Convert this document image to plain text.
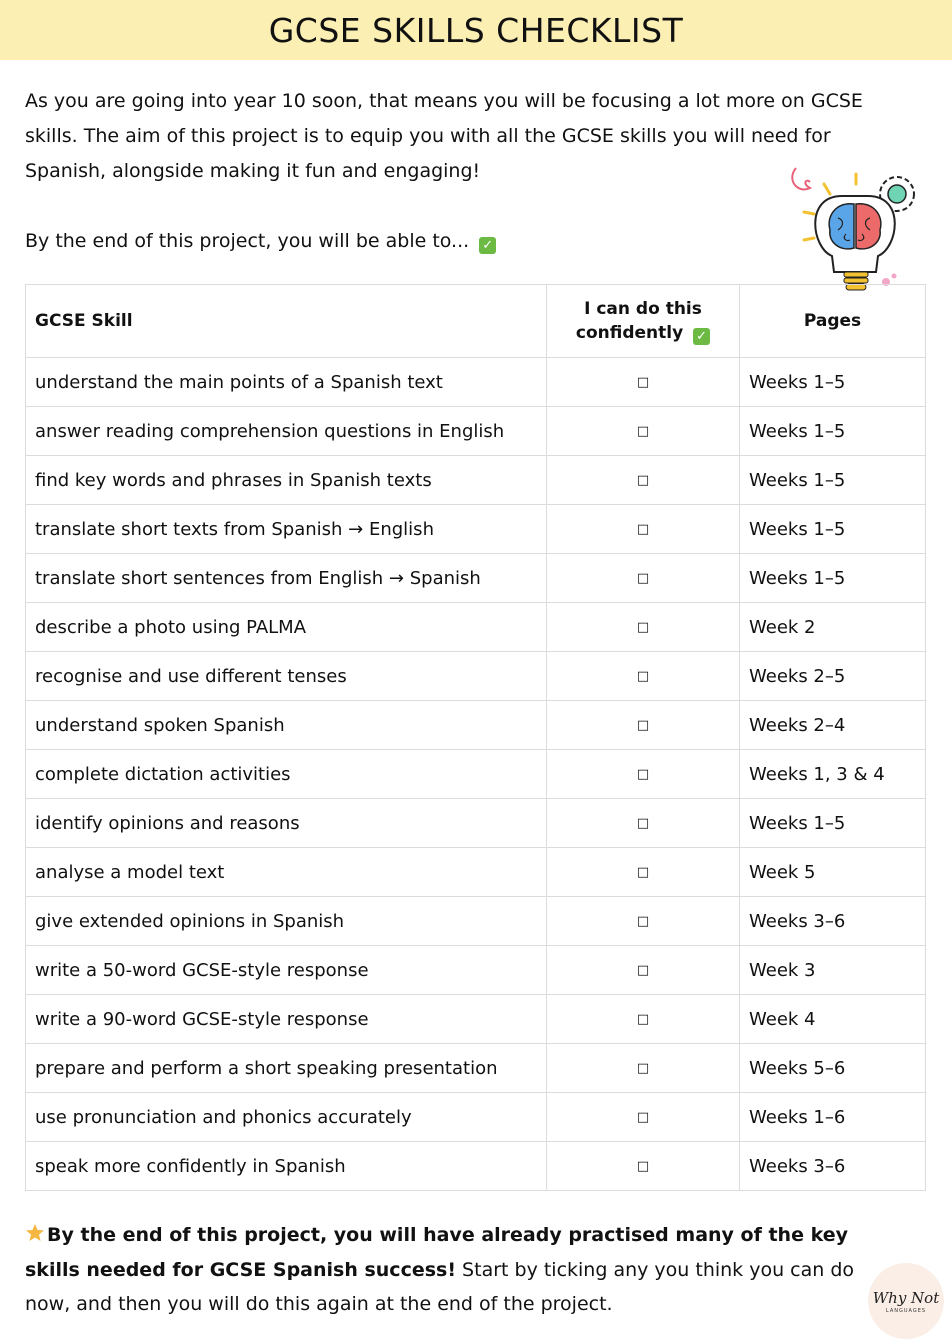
GCSE SKILLS CHECKLIST

As you are going into year 10 soon, that means you will be focusing a lot more on GCSE skills. The aim of this project is to equip you with all the GCSE skills you will need for Spanish, alongside making it fun and engaging!

By the end of this project, you will be able to... ✓

GCSE Skill	I can do this confidently ✓	Pages
understand the main points of a Spanish text	□	Weeks 1–5
answer reading comprehension questions in English	□	Weeks 1–5
find key words and phrases in Spanish texts	□	Weeks 1–5
translate short texts from Spanish → English	□	Weeks 1–5
translate short sentences from English → Spanish	□	Weeks 1–5
describe a photo using PALMA	□	Week 2
recognise and use different tenses	□	Weeks 2–5
understand spoken Spanish	□	Weeks 2–4
complete dictation activities	□	Weeks 1, 3 & 4
identify opinions and reasons	□	Weeks 1–5
analyse a model text	□	Week 5
give extended opinions in Spanish	□	Weeks 3–6
write a 50-word GCSE-style response	□	Week 3
write a 90-word GCSE-style response	□	Week 4
prepare and perform a short speaking presentation	□	Weeks 5–6
use pronunciation and phonics accurately	□	Weeks 1–6
speak more confidently in Spanish	□	Weeks 3–6
By the end of this project, you will have already practised many of the key skills needed for GCSE Spanish success! Start by ticking any you think you can do now, and then you will do this again at the end of the project.	Why Not
LANGUAGES
